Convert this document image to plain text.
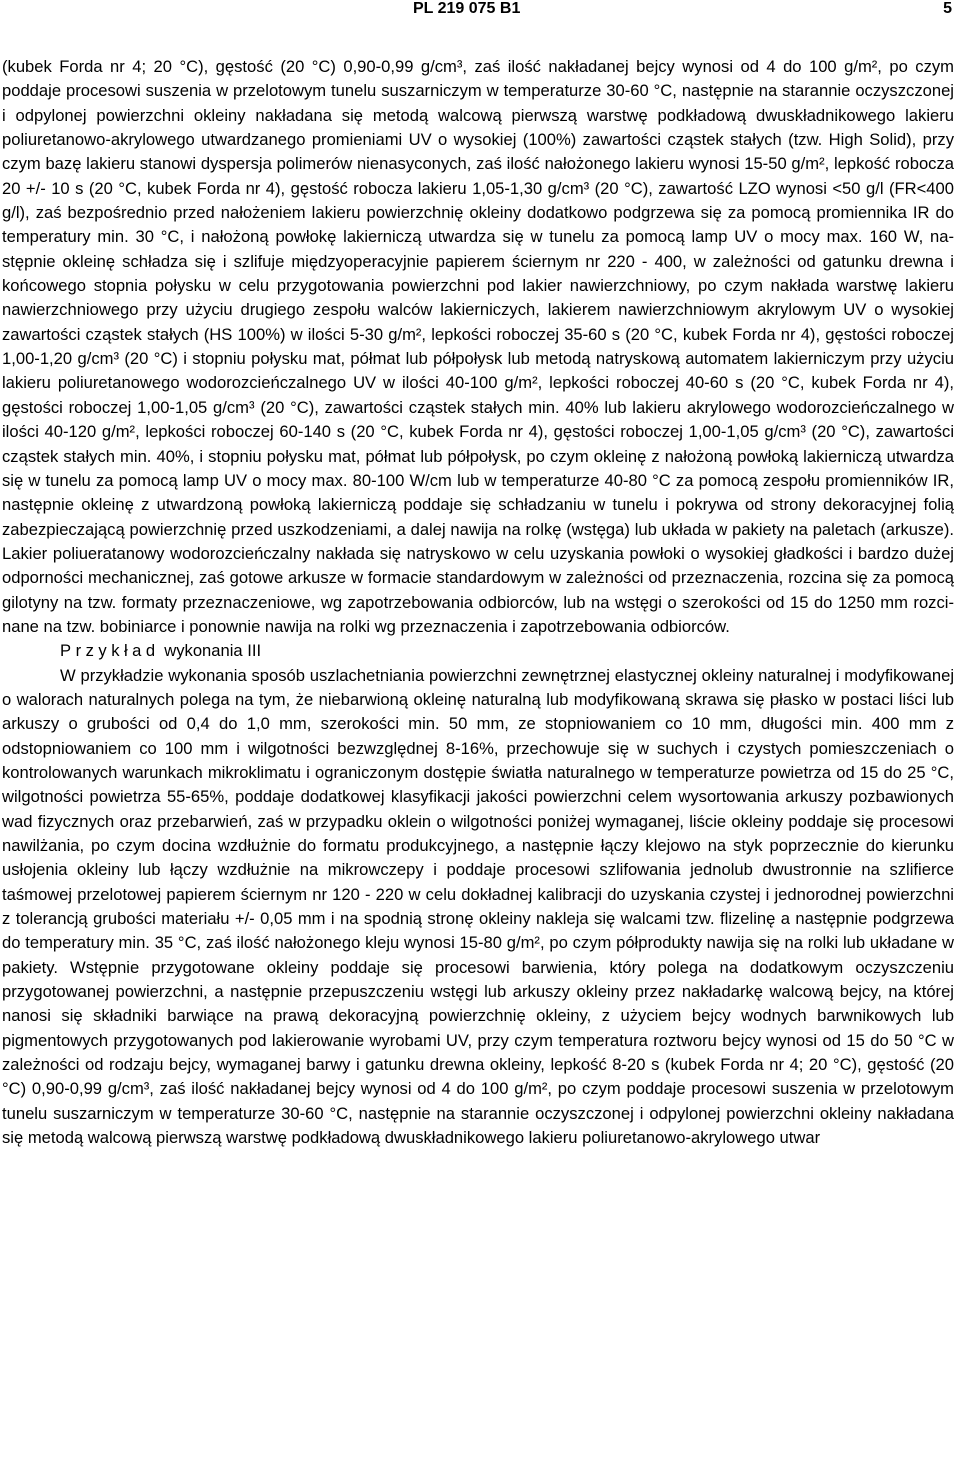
PL 219 075 B1	5

(kubek Forda nr 4; 20 °C), gęstość (20 °C) 0,90-0,99 g/cm³, zaś ilość nakładanej bejcy wynosi od 4 do 100 g/m², po czym poddaje procesowi suszenia w przelotowym tunelu suszarniczym w temperaturze 30-60 °C, następnie na starannie oczyszczonej i odpylonej powierzchni okleiny nakładana się metodą walcową pierwszą warstwę podkładową dwuskładnikowego lakieru poliuretanowo-akrylowego utwardzanego promieniami UV o wysokiej (100%) zawartości cząstek stałych (tzw. High Solid), przy czym bazę lakieru stanowi dyspersja polimerów nienasyconych, zaś ilość nałożonego lakieru wynosi 15-50 g/m², lepkość robocza 20 +/- 10 s (20 °C, kubek Forda nr 4), gęstość robocza lakieru 1,05-1,30 g/cm³ (20 °C), zawartość LZO wynosi <50 g/l (FR<400 g/l), zaś bezpośrednio przed nałożeniem lakieru powierzchnię okleiny dodatkowo podgrzewa się za pomocą promiennika IR do temperatury min. 30 °C, i nałożoną powłokę lakierniczą utwardza się w tunelu za pomocą lamp UV o mocy max. 160 W, następnie okleinę schładza się i szlifuje międzyoperacyjnie papierem ściernym nr 220 - 400, w zależności od gatunku drewna i końcowego stopnia połysku w celu przygotowania powierzchni pod lakier nawierzchniowy, po czym nakłada warstwę lakieru nawierzchniowego przy użyciu drugiego zespołu walców lakierniczych, lakierem nawierzchniowym akrylowym UV o wysokiej zawartości cząstek stałych (HS 100%) w ilości 5-30 g/m², lepkości roboczej 35-60 s (20 °C, kubek Forda nr 4), gęstości roboczej 1,00-1,20 g/cm³ (20 °C) i stopniu połysku mat, półmat lub półpołysk lub metodą natryskową automatem lakierniczym przy użyciu lakieru poliuretanowego wodorozcieńczalnego UV w ilości 40-100 g/m², lepkości roboczej 40-60 s (20 °C, kubek Forda nr 4), gęstości roboczej 1,00-1,05 g/cm³ (20 °C), zawartości cząstek stałych min. 40% lub lakieru akrylowego wodorozcieńczalnego w ilości 40-120 g/m², lepkości roboczej 60-140 s (20 °C, kubek Forda nr 4), gęstości roboczej 1,00-1,05 g/cm³ (20 °C), zawartości cząstek stałych min. 40%, i stopniu połysku mat, półmat lub półpołysk, po czym okleinę z nałożoną powłoką lakierniczą utwardza się w tunelu za pomocą lamp UV o mocy max. 80-100 W/cm lub w temperaturze 40-80 °C za pomocą zespołu promienników IR, następnie okleinę z utwardzoną powłoką lakierniczą poddaje się schładzaniu w tunelu i pokrywa od strony dekoracyjnej folią zabezpieczającą powierzchnię przed uszkodzeniami, a dalej nawija na rolkę (wstęga) lub układa w pakiety na paletach (arkusze). Lakier poliueratanowy wodorozcieńczalny nakłada się natryskowo w celu uzyskania powłoki o wysokiej gładkości i bardzo dużej odporności mechanicznej, zaś gotowe arkusze w formacie standardowym w zależności od przeznaczenia, rozcina się za pomocą gilotyny na tzw. formaty przeznaczeniowe, wg zapotrzebowania odbiorców, lub na wstęgi o szerokości od 15 do 1250 mm rozcinane na tzw. bobiniarce i ponownie nawija na rolki wg przeznaczenia i zapotrzebowania odbiorców.

Przykład wykonania III

W przykładzie wykonania sposób uszlachetniania powierzchni zewnętrznej elastycznej okleiny naturalnej i modyfikowanej o walorach naturalnych polega na tym, że niebarwioną okleinę naturalną lub modyfikowaną skrawa się płasko w postaci liści lub arkuszy o grubości od 0,4 do 1,0 mm, szerokości min. 50 mm, ze stopniowaniem co 10 mm, długości min. 400 mm z odstopniowaniem co 100 mm i wilgotności bezwzględnej 8-16%, przechowuje się w suchych i czystych pomieszczeniach o kontrolowanych warunkach mikroklimatu i ograniczonym dostępie światła naturalnego w temperaturze powietrza od 15 do 25 °C, wilgotności powietrza 55-65%, poddaje dodatkowej klasyfikacji jakości powierzchni celem wysortowania arkuszy pozbawionych wad fizycznych oraz przebarwień, zaś w przypadku oklein o wilgotności poniżej wymaganej, liście okleiny poddaje się procesowi nawilżania, po czym docina wzdłużnie do formatu produkcyjnego, a następnie łączy klejowo na styk poprzecznie do kierunku usłojenia okleiny lub łączy wzdłużnie na mikrowczepy i poddaje procesowi szlifowania jednolub dwustronnie na szlifierce taśmowej przelotowej papierem ściernym nr 120 - 220 w celu dokładnej kalibracji do uzyskania czystej i jednorodnej powierzchni z tolerancją grubości materiału +/- 0,05 mm i na spodnią stronę okleiny nakleja się walcami tzw. flizelinę a następnie podgrzewa do temperatury min. 35 °C, zaś ilość nałożonego kleju wynosi 15-80 g/m², po czym półprodukty nawija się na rolki lub układane w pakiety. Wstępnie przygotowane okleiny poddaje się procesowi barwienia, który polega na dodatkowym oczyszczeniu przygotowanej powierzchni, a następnie przepuszczeniu wstęgi lub arkuszy okleiny przez nakładarkę walcową bejcy, na której nanosi się składniki barwiące na prawą dekoracyjną powierzchnię okleiny, z użyciem bejcy wodnych barwnikowych lub pigmentowych przygotowanych pod lakierowanie wyrobami UV, przy czym temperatura roztworu bejcy wynosi od 15 do 50 °C w zależności od rodzaju bejcy, wymaganej barwy i gatunku drewna okleiny, lepkość 8-20 s (kubek Forda nr 4; 20 °C), gęstość (20 °C) 0,90-0,99 g/cm³, zaś ilość nakładanej bejcy wynosi od 4 do 100 g/m², po czym poddaje procesowi suszenia w przelotowym tunelu suszarniczym w temperaturze 30-60 °C, następnie na starannie oczyszczonej i odpylonej powierzchni okleiny nakładana się metodą walcową pierwszą warstwę podkładową dwuskładnikowego lakieru poliuretanowo-akrylowego utwar
